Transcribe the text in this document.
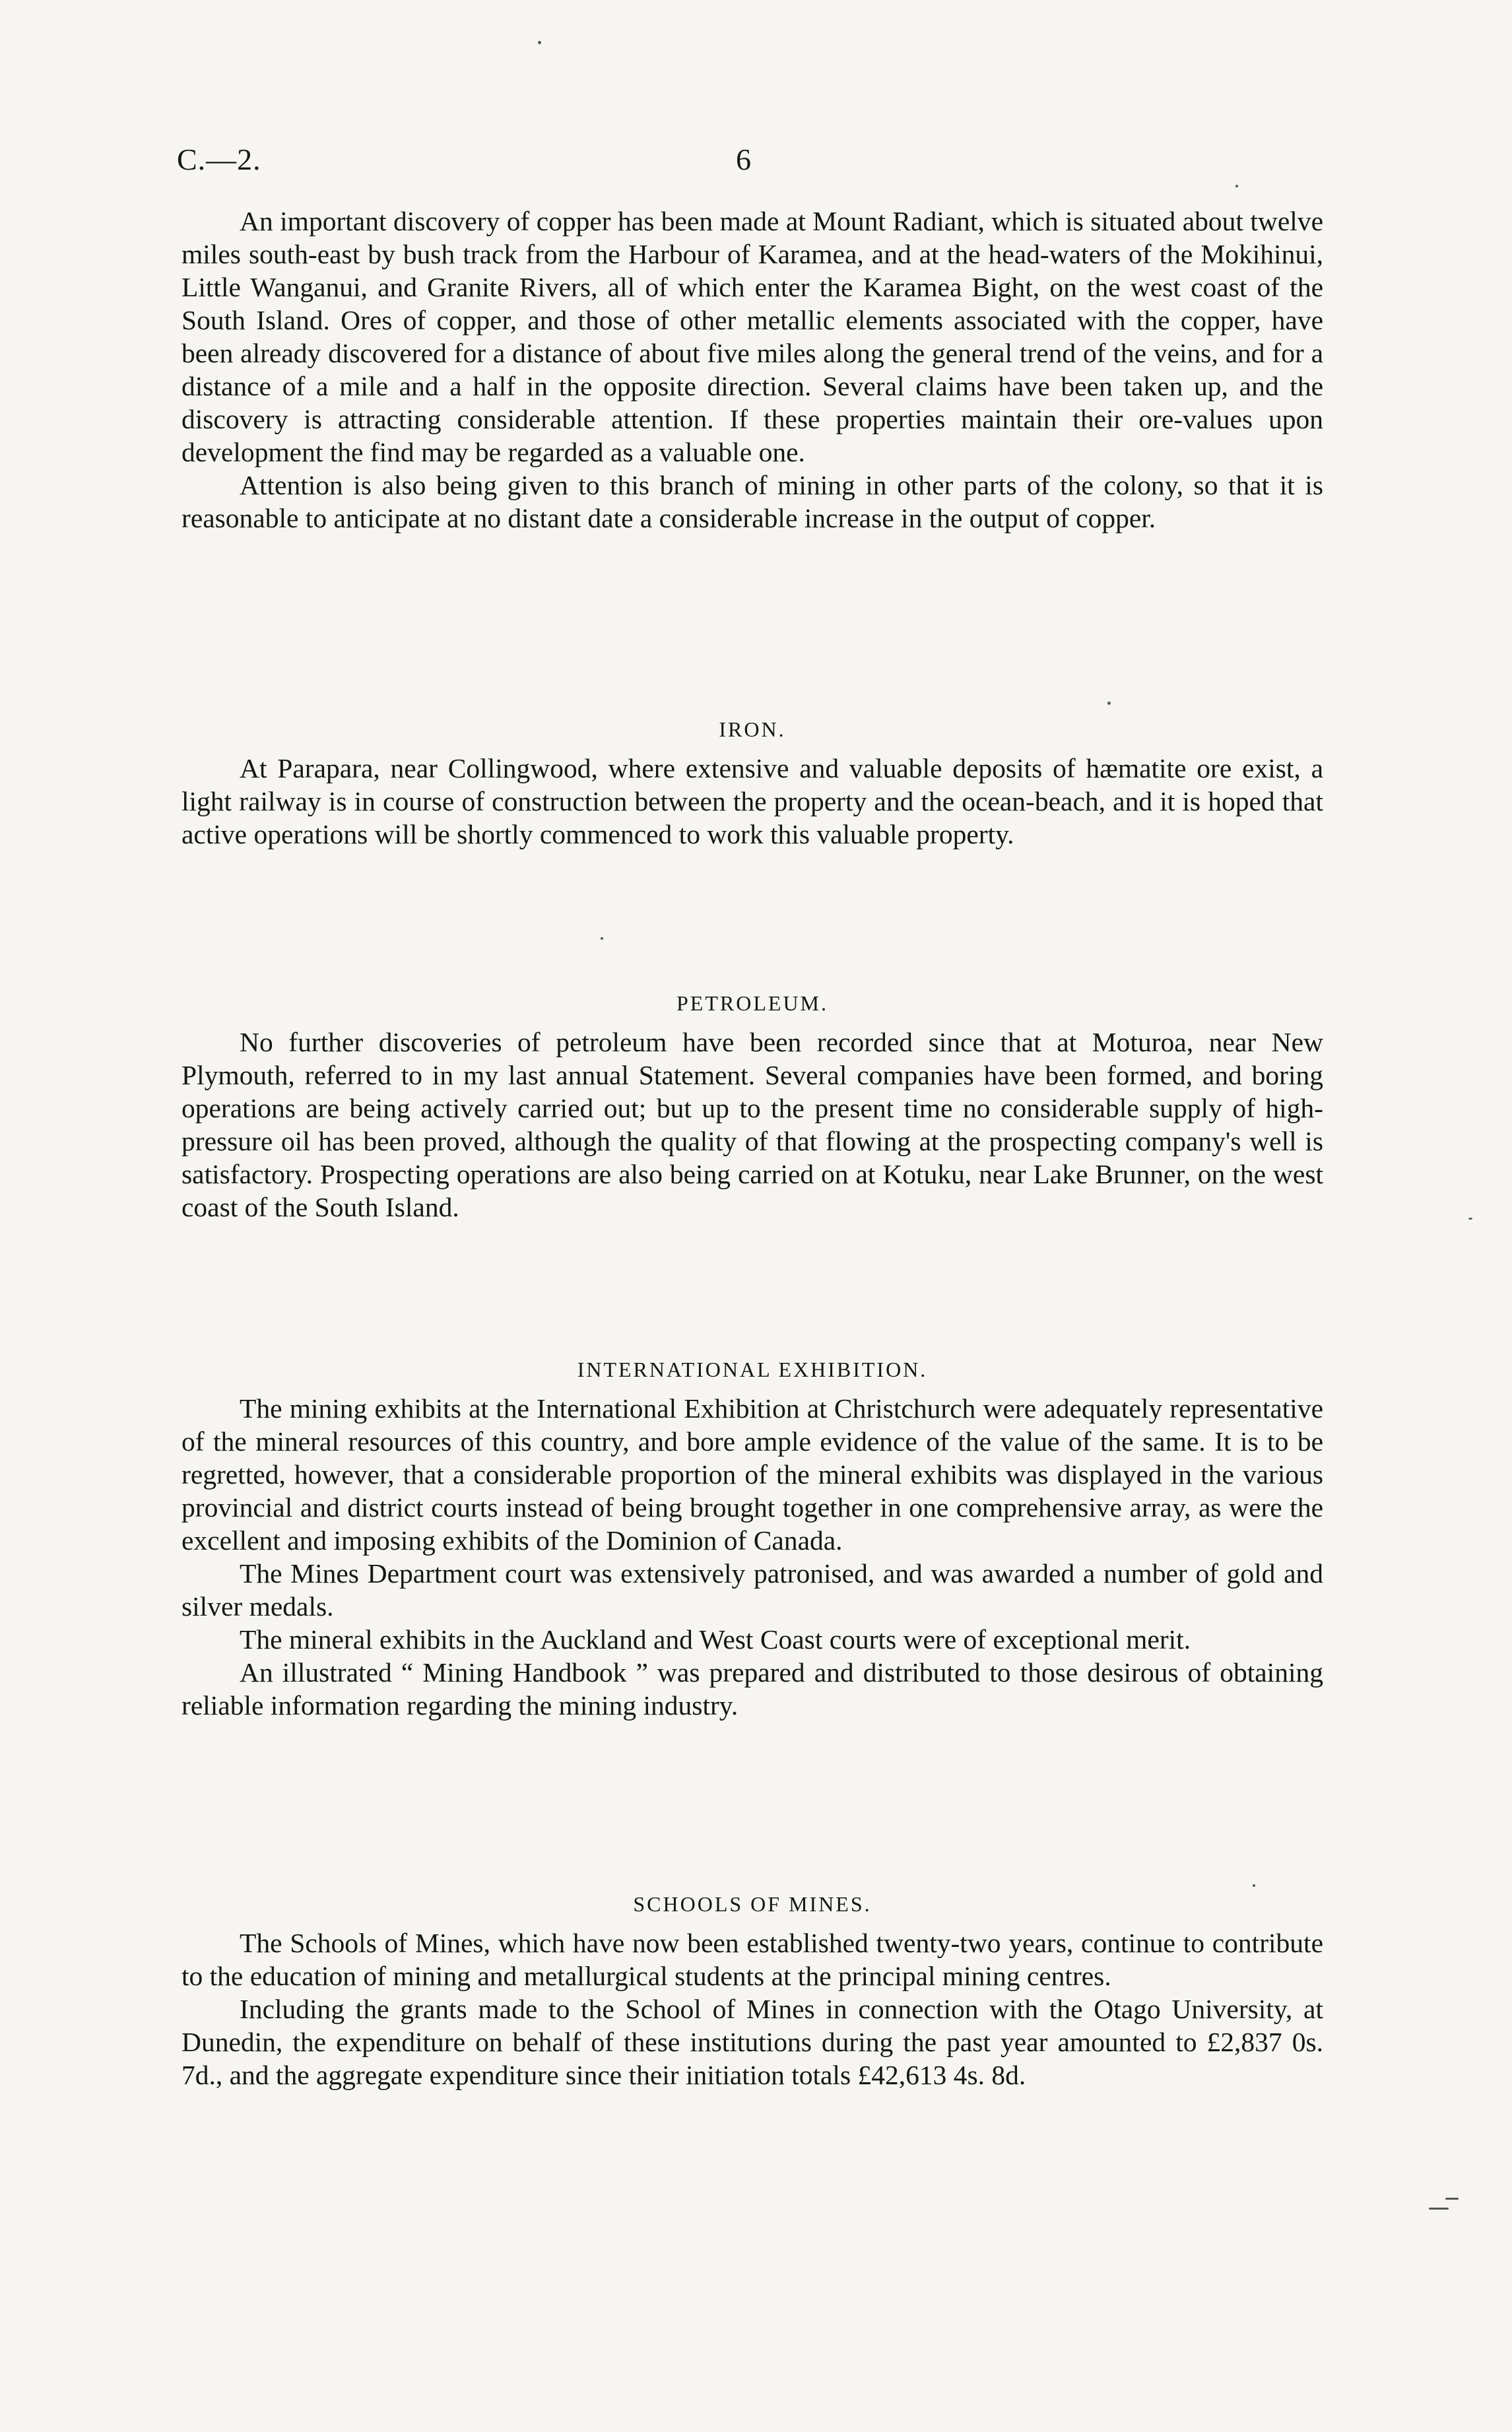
C.—2.	6

An important discovery of copper has been made at Mount Radiant, which is situated about twelve miles south-east by bush track from the Harbour of Karamea, and at the head-waters of the Mokihinui, Little Wanganui, and Granite Rivers, all of which enter the Karamea Bight, on the west coast of the South Island. Ores of copper, and those of other metallic elements associated with the copper, have been already discovered for a distance of about five miles along the general trend of the veins, and for a distance of a mile and a half in the opposite direction. Several claims have been taken up, and the discovery is attracting considerable attention. If these properties maintain their ore-values upon development the find may be regarded as a valuable one.

Attention is also being given to this branch of mining in other parts of the colony, so that it is reasonable to anticipate at no distant date a considerable increase in the output of copper.

IRON.

At Parapara, near Collingwood, where extensive and valuable deposits of hæmatite ore exist, a light railway is in course of construction between the property and the ocean-beach, and it is hoped that active operations will be shortly commenced to work this valuable property.

PETROLEUM.

No further discoveries of petroleum have been recorded since that at Moturoa, near New Plymouth, referred to in my last annual Statement. Several companies have been formed, and boring operations are being actively carried out; but up to the present time no considerable supply of high-pressure oil has been proved, although the quality of that flowing at the prospecting company's well is satisfactory. Prospecting operations are also being carried on at Kotuku, near Lake Brunner, on the west coast of the South Island.

INTERNATIONAL EXHIBITION.

The mining exhibits at the International Exhibition at Christchurch were adequately representative of the mineral resources of this country, and bore ample evidence of the value of the same. It is to be regretted, however, that a considerable proportion of the mineral exhibits was displayed in the various provincial and district courts instead of being brought together in one comprehensive array, as were the excellent and imposing exhibits of the Dominion of Canada.

The Mines Department court was extensively patronised, and was awarded a number of gold and silver medals.

The mineral exhibits in the Auckland and West Coast courts were of exceptional merit.

An illustrated “ Mining Handbook ” was prepared and distributed to those desirous of obtaining reliable information regarding the mining industry.

SCHOOLS OF MINES.

The Schools of Mines, which have now been established twenty-two years, continue to contribute to the education of mining and metallurgical students at the principal mining centres.

Including the grants made to the School of Mines in connection with the Otago University, at Dunedin, the expenditure on behalf of these institutions during the past year amounted to £2,837 0s. 7d., and the aggregate expenditure since their initiation totals £42,613 4s. 8d.
